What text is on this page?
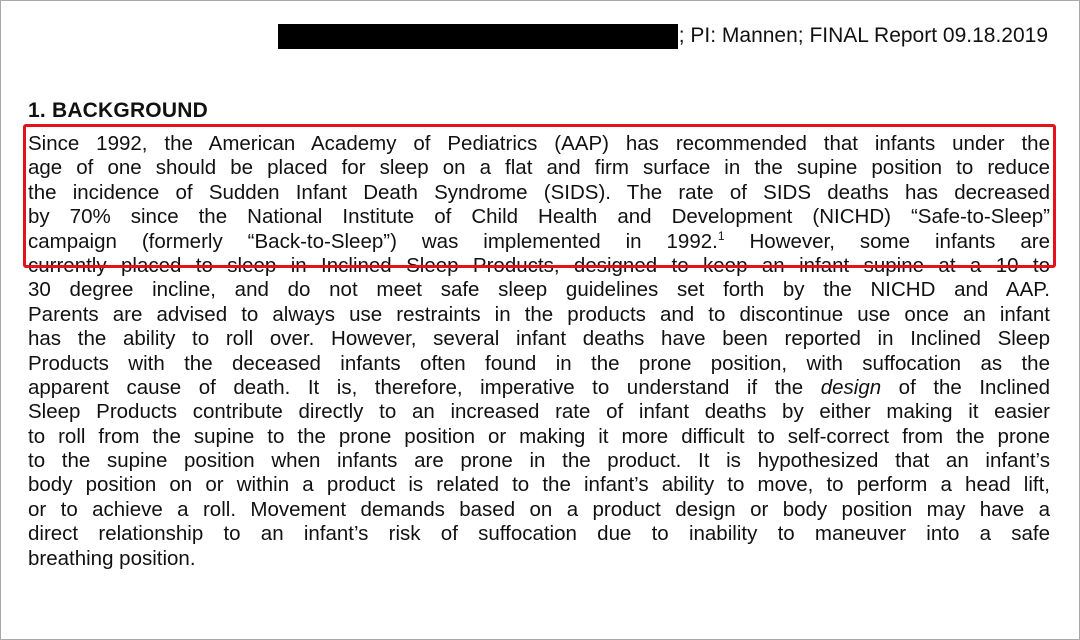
; PI: Mannen; FINAL Report 09.18.2019
1. BACKGROUND
Since 1992, the American Academy of Pediatrics (AAP) has recommended that infants under the
age of one should be placed for sleep on a flat and firm surface in the supine position to reduce
the incidence of Sudden Infant Death Syndrome (SIDS). The rate of SIDS deaths has decreased
by 70% since the National Institute of Child Health and Development (NICHD) “Safe-to-Sleep”
campaign (formerly “Back-to-Sleep”) was implemented in 1992.$^1$ However, some infants are
currently placed to sleep in Inclined Sleep Products, designed to keep an infant supine at a 10 to
30 degree incline, and do not meet safe sleep guidelines set forth by the NICHD and AAP.
Parents are advised to always use restraints in the products and to discontinue use once an infant
has the ability to roll over. However, several infant deaths have been reported in Inclined Sleep
Products with the deceased infants often found in the prone position, with suffocation as the
apparent cause of death. It is, therefore, imperative to understand if the design of the Inclined
Sleep Products contribute directly to an increased rate of infant deaths by either making it easier
to roll from the supine to the prone position or making it more difficult to self-correct from the prone
to the supine position when infants are prone in the product. It is hypothesized that an infant’s
body position on or within a product is related to the infant’s ability to move, to perform a head lift,
or to achieve a roll. Movement demands based on a product design or body position may have a
direct relationship to an infant’s risk of suffocation due to inability to maneuver into a safe
breathing position.
